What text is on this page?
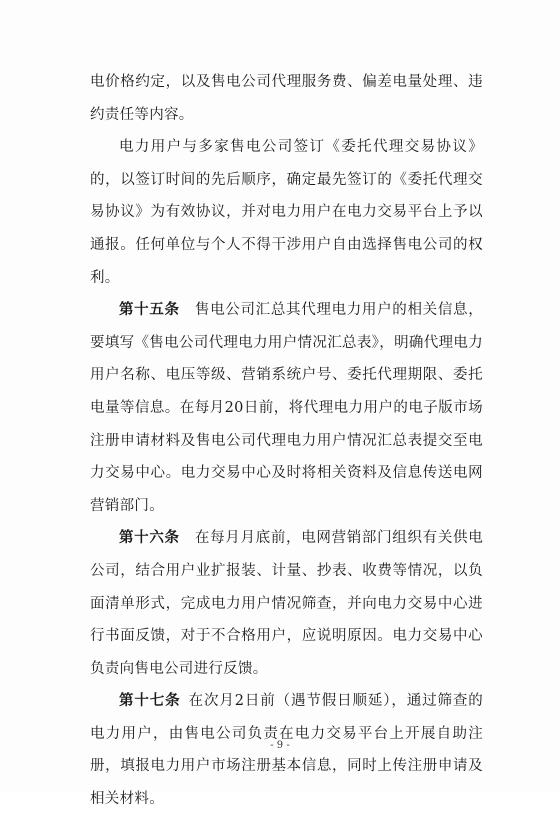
电价格约定，以及售电公司代理服务费、偏差电量处理、违约责任等内容。

电力用户与多家售电公司签订《委托代理交易协议》的，以签订时间的先后顺序，确定最先签订的《委托代理交易协议》为有效协议，并对电力用户在电力交易平台上予以通报。任何单位与个人不得干涉用户自由选择售电公司的权利。

第十五条  售电公司汇总其代理电力用户的相关信息，要填写《售电公司代理电力用户情况汇总表》，明确代理电力用户名称、电压等级、营销系统户号、委托代理期限、委托电量等信息。在每月20日前，将代理电力用户的电子版市场注册申请材料及售电公司代理电力用户情况汇总表提交至电力交易中心。电力交易中心及时将相关资料及信息传送电网营销部门。

第十六条  在每月月底前，电网营销部门组织有关供电公司，结合用户业扩报装、计量、抄表、收费等情况，以负面清单形式，完成电力用户情况筛查，并向电力交易中心进行书面反馈，对于不合格用户，应说明原因。电力交易中心负责向售电公司进行反馈。

第十七条  在次月2日前（遇节假日顺延），通过筛查的电力用户，由售电公司负责在电力交易平台上开展自助注册，填报电力用户市场注册基本信息，同时上传注册申请及相关材料。

- 9 -
